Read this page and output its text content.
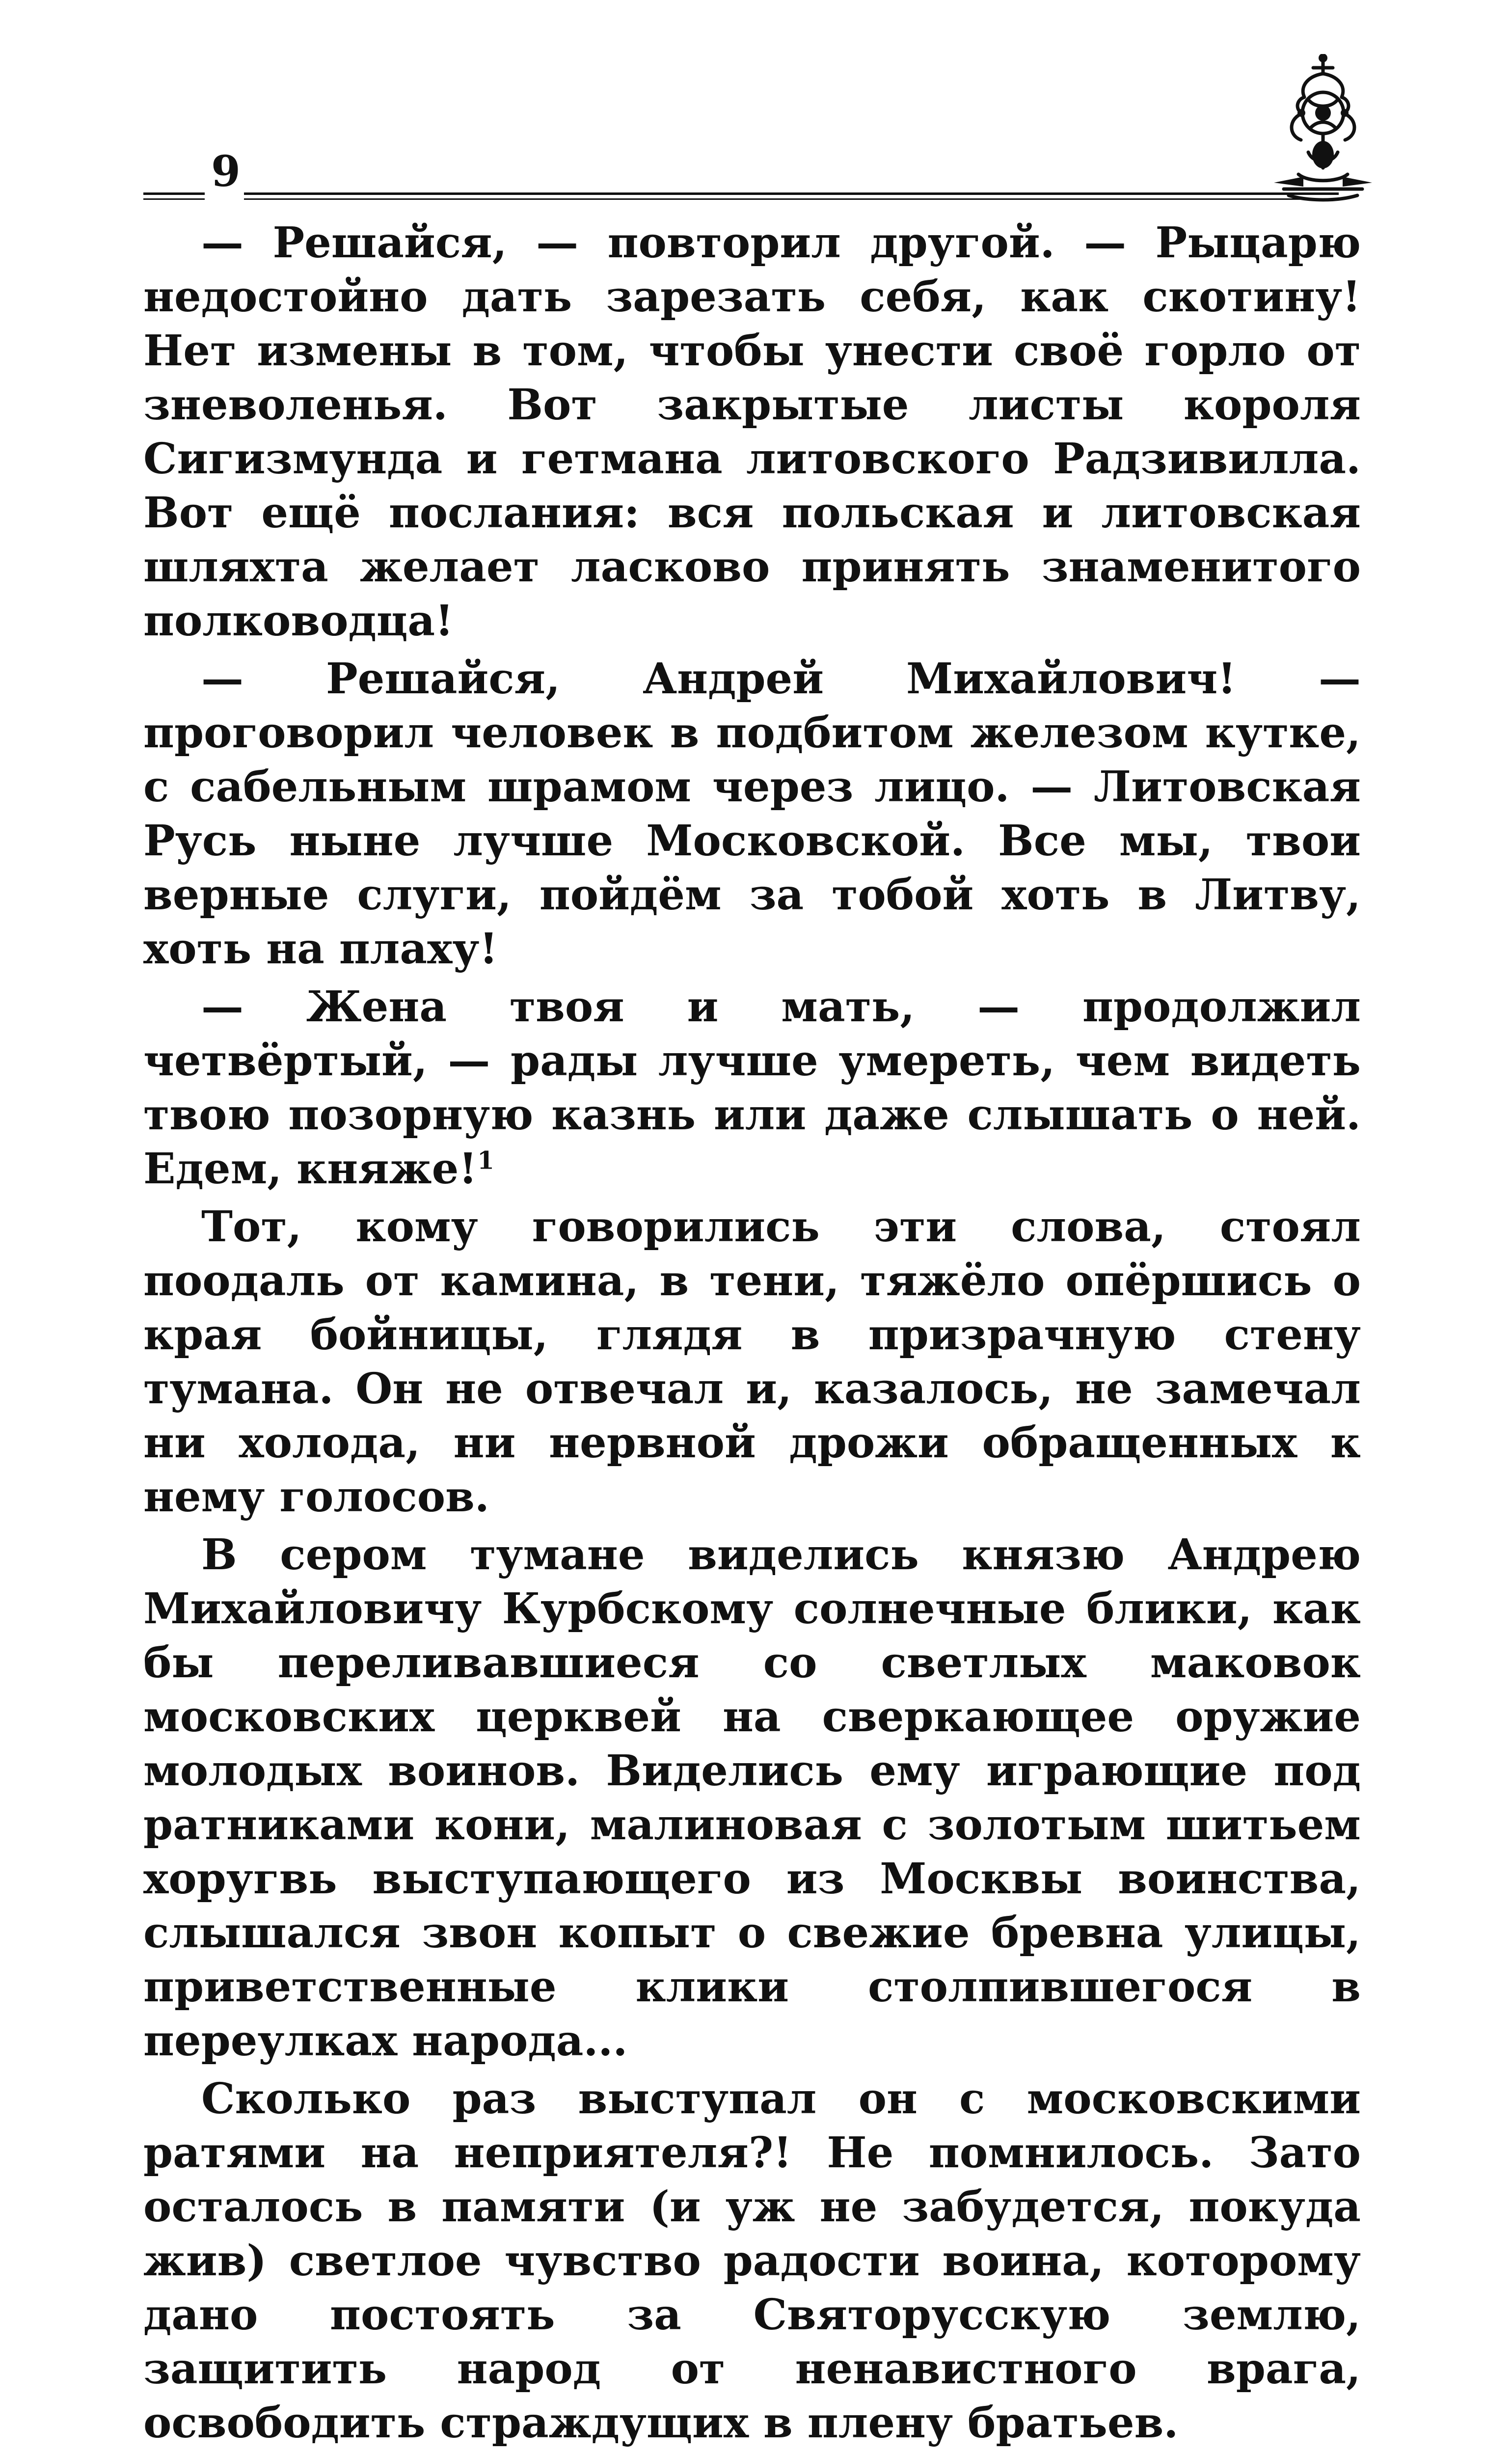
9

— Решайся, — повторил другой. — Рыцарю недостойно дать зарезать себя, как скотину! Нет измены в том, чтобы унести своё горло от зневоленья. Вот закрытые листы короля Сигизмунда и гетмана литовского Радзивилла. Вот ещё послания: вся польская и литовская шляхта желает ласково принять знаменитого полководца!

— Решайся, Андрей Михайлович! — проговорил человек в подбитом железом кутке, с сабельным шрамом через лицо. — Литовская Русь ныне лучше Московской. Все мы, твои верные слуги, пойдём за тобой хоть в Литву, хоть на плаху!

— Жена твоя и мать, — продолжил четвёртый, — рады лучше умереть, чем видеть твою позорную казнь или даже слышать о ней. Едем, княже!$^1$

Тот, кому говорились эти слова, стоял поодаль от камина, в тени, тяжёло опёршись о края бойницы, глядя в призрачную стену тумана. Он не отвечал и, казалось, не замечал ни холода, ни нервной дрожи обращенных к нему голосов.

В сером тумане виделись князю Андрею Михайловичу Курбскому солнечные блики, как бы переливавшиеся со светлых маковок московских церквей на сверкающее оружие молодых воинов. Виделись ему играющие под ратниками кони, малиновая с золотым шитьем хоругвь выступающего из Москвы воинства, слышался звон копыт о свежие бревна улицы, приветственные клики столпившегося в переулках народа...

Сколько раз выступал он с московскими ратями на неприятеля?! Не помнилось. Зато осталось в памяти (и уж не забудется, покуда жив) светлое чувство радости воина, которому дано постоять за Святорусскую землю, защитить народ от ненавистного врага, освободить страждущих в плену братьев.
